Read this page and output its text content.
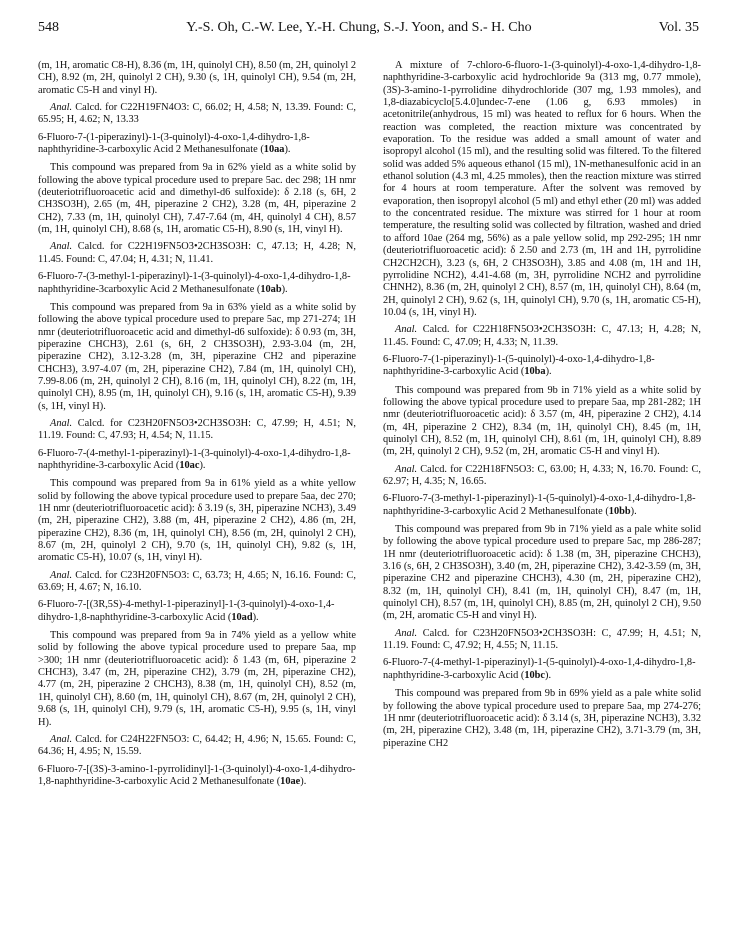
548	Y.-S. Oh, C.-W. Lee, Y.-H. Chung, S.-J. Yoon, and S.- H. Cho	Vol. 35

(m, 1H, aromatic C8-H), 8.36 (m, 1H, quinolyl CH), 8.50 (m, 2H, quinolyl 2 CH), 8.92 (m, 2H, quinolyl 2 CH), 9.30 (s, 1H, quinolyl CH), 9.54 (m, 2H, aromatic C5-H and vinyl H).

Anal. Calcd. for C22H19FN4O3: C, 66.02; H, 4.58; N, 13.39. Found: C, 65.95; H, 4.62; N, 13.33

6-Fluoro-7-(1-piperazinyl)-1-(3-quinolyl)-4-oxo-1,4-dihydro-1,8-naphthyridine-3-carboxylic Acid 2 Methanesulfonate (10aa).

This compound was prepared from 9a in 62% yield as a white solid by following the above typical procedure used to prepare 5ac. dec 298; 1H nmr (deuteriotrifluoroacetic acid and dimethyl-d6 sulfoxide): δ 2.18 (s, 6H, 2 CH3SO3H), 2.65 (m, 4H, piperazine 2 CH2), 3.28 (m, 4H, piperazine 2 CH2), 7.33 (m, 1H, quinolyl CH), 7.47-7.64 (m, 4H, quinolyl 4 CH), 8.57 (m, 1H, quinolyl CH), 8.68 (s, 1H, aromatic C5-H), 8.90 (s, 1H, vinyl H).

Anal. Calcd. for C22H19FN5O3•2CH3SO3H: C, 47.13; H, 4.28; N, 11.45. Found: C, 47.04; H, 4.31; N, 11.41.

6-Fluoro-7-(3-methyl-1-piperazinyl)-1-(3-quinolyl)-4-oxo-1,4-dihydro-1,8-naphthyridine-3carboxylic Acid 2 Methanesulfonate (10ab).

This compound was prepared from 9a in 63% yield as a white solid by following the above typical procedure used to prepare 5ac, mp 271-274; 1H nmr (deuteriotrifluoroacetic acid and dimethyl-d6 sulfoxide): δ 0.93 (m, 3H, piperazine CHCH3), 2.61 (s, 6H, 2 CH3SO3H), 2.93-3.04 (m, 2H, piperazine CH2), 3.12-3.28 (m, 3H, piperazine CH2 and piperazine CHCH3), 3.97-4.07 (m, 2H, piperazine CH2), 7.84 (m, 1H, quinolyl CH), 7.99-8.06 (m, 2H, quinolyl 2 CH), 8.16 (m, 1H, quinolyl CH), 8.22 (m, 1H, quinolyl CH), 8.95 (m, 1H, quinolyl CH), 9.16 (s, 1H, aromatic C5-H), 9.39 (s, 1H, vinyl H).

Anal. Calcd. for C23H20FN5O3•2CH3SO3H: C, 47.99; H, 4.51; N, 11.19. Found: C, 47.93; H, 4.54; N, 11.15.

6-Fluoro-7-(4-methyl-1-piperazinyl)-1-(3-quinolyl)-4-oxo-1,4-dihydro-1,8-naphthyridine-3-carboxylic Acid (10ac).

This compound was prepared from 9a in 61% yield as a white yellow solid by following the above typical procedure used to prepare 5aa, dec 270; 1H nmr (deuteriotrifluoroacetic acid): δ 3.19 (s, 3H, piperazine NCH3), 3.49 (m, 2H, piperazine CH2), 3.88 (m, 4H, piperazine 2 CH2), 4.86 (m, 2H, piperazine CH2), 8.36 (m, 1H, quinolyl CH), 8.56 (m, 2H, quinolyl 2 CH), 8.67 (m, 2H, quinolyl 2 CH), 9.70 (s, 1H, quinolyl CH), 9.82 (s, 1H, aromatic C5-H), 10.07 (s, 1H, vinyl H).

Anal. Calcd. for C23H20FN5O3: C, 63.73; H, 4.65; N, 16.16. Found: C, 63.69; H, 4.67; N, 16.10.

6-Fluoro-7-[(3R,5S)-4-methyl-1-piperazinyl]-1-(3-quinolyl)-4-oxo-1,4-dihydro-1,8-naphthyridine-3-carboxylic Acid (10ad).

This compound was prepared from 9a in 74% yield as a yellow white solid by following the above typical procedure used to prepare 5aa, mp >300; 1H nmr (deuteriotrifluoroacetic acid): δ 1.43 (m, 6H, piperazine 2 CHCH3), 3.47 (m, 2H, piperazine CH2), 3.79 (m, 2H, piperazine CH2), 4.77 (m, 2H, piperazine 2 CHCH3), 8.38 (m, 1H, quinolyl CH), 8.52 (m, 1H, quinolyl CH), 8.60 (m, 1H, quinolyl CH), 8.67 (m, 2H, quinolyl 2 CH), 9.68 (s, 1H, quinolyl CH), 9.79 (s, 1H, aromatic C5-H), 9.95 (s, 1H, vinyl H).

Anal. Calcd. for C24H22FN5O3: C, 64.42; H, 4.96; N, 15.65. Found: C, 64.36; H, 4.95; N, 15.59.

6-Fluoro-7-[(3S)-3-amino-1-pyrrolidinyl]-1-(3-quinolyl)-4-oxo-1,4-dihydro-1,8-naphthyridine-3-carboxylic Acid 2 Methanesulfonate (10ae).

A mixture of 7-chloro-6-fluoro-1-(3-quinolyl)-4-oxo-1,4-dihydro-1,8-naphthyridine-3-carboxylic acid hydrochloride 9a (313 mg, 0.77 mmole), (3S)-3-amino-1-pyrrolidine dihydrochloride (307 mg, 1.93 mmoles), and 1,8-diazabicyclo[5.4.0]undec-7-ene (1.06 g, 6.93 mmoles) in acetonitrile(anhydrous, 15 ml) was heated to reflux for 6 hours. When the reaction was completed, the reaction mixture was concentrated by evaporation. To the residue was added a small amount of water and isopropyl alcohol (15 ml), and the resulting solid was filtered. To the filtered solid was added 5% aqueous ethanol (15 ml), 1N-methanesulfonic acid in an ethanol solution (4.3 ml, 4.25 mmoles), then the reaction mixture was stirred for 4 hours at room temperature. After the solvent was removed by evaporation, then isopropyl alcohol (5 ml) and ethyl ether (20 ml) was added to the concentrated residue. The mixture was stirred for 1 hour at room temperature, the resulting solid was collected by filtration, washed and dried to afford 10ae (264 mg, 56%) as a pale yellow solid, mp 292-295; 1H nmr (deuteriotrifluoroacetic acid): δ 2.50 and 2.73 (m, 1H and 1H, pyrrolidine CH2CH2CH), 3.23 (s, 6H, 2 CH3SO3H), 3.85 and 4.08 (m, 1H and 1H, pyrrolidine NCH2), 4.41-4.68 (m, 3H, pyrrolidine NCH2 and pyrrolidine CHNH2), 8.36 (m, 2H, quinolyl 2 CH), 8.57 (m, 1H, quinolyl CH), 8.64 (m, 2H, quinolyl 2 CH), 9.62 (s, 1H, quinolyl CH), 9.70 (s, 1H, aromatic C5-H), 10.04 (s, 1H, vinyl H).

Anal. Calcd. for C22H18FN5O3•2CH3SO3H: C, 47.13; H, 4.28; N, 11.45. Found: C, 47.09; H, 4.33; N, 11.39.

6-Fluoro-7-(1-piperazinyl)-1-(5-quinolyl)-4-oxo-1,4-dihydro-1,8-naphthyridine-3-carboxylic Acid (10ba).

This compound was prepared from 9b in 71% yield as a white solid by following the above typical procedure used to prepare 5aa, mp 281-282; 1H nmr (deuteriotrifluoroacetic acid): δ 3.57 (m, 4H, piperazine 2 CH2), 4.14 (m, 4H, piperazine 2 CH2), 8.34 (m, 1H, quinolyl CH), 8.45 (m, 1H, quinolyl CH), 8.52 (m, 1H, quinolyl CH), 8.61 (m, 1H, quinolyl CH), 8.89 (m, 2H, quinolyl 2 CH), 9.52 (m, 2H, aromatic C5-H and vinyl H).

Anal. Calcd. for C22H18FN5O3: C, 63.00; H, 4.33; N, 16.70. Found: C, 62.97; H, 4.35; N, 16.65.

6-Fluoro-7-(3-methyl-1-piperazinyl)-1-(5-quinolyl)-4-oxo-1,4-dihydro-1,8-naphthyridine-3-carboxylic Acid 2 Methanesulfonate (10bb).

This compound was prepared from 9b in 71% yield as a pale white solid by following the above typical procedure used to prepare 5ac, mp 286-287; 1H nmr (deuteriotrifluoroacetic acid): δ 1.38 (m, 3H, piperazine CHCH3), 3.16 (s, 6H, 2 CH3SO3H), 3.40 (m, 2H, piperazine CH2), 3.42-3.59 (m, 3H, piperazine CH2 and piperazine CHCH3), 4.30 (m, 2H, piperazine CH2), 8.32 (m, 1H, quinolyl CH), 8.41 (m, 1H, quinolyl CH), 8.47 (m, 1H, quinolyl CH), 8.57 (m, 1H, quinolyl CH), 8.85 (m, 2H, quinolyl 2 CH), 9.50 (m, 2H, aromatic C5-H and vinyl H).

Anal. Calcd. for C23H20FN5O3•2CH3SO3H: C, 47.99; H, 4.51; N, 11.19. Found: C, 47.92; H, 4.55; N, 11.15.

6-Fluoro-7-(4-methyl-1-piperazinyl)-1-(5-quinolyl)-4-oxo-1,4-dihydro-1,8-naphthyridine-3-carboxylic Acid (10bc).

This compound was prepared from 9b in 69% yield as a pale white solid by following the above typical procedure used to prepare 5aa, mp 274-276; 1H nmr (deuteriotrifluoroacetic acid): δ 3.14 (s, 3H, piperazine NCH3), 3.32 (m, 2H, piperazine CH2), 3.48 (m, 1H, piperazine CH2), 3.71-3.79 (m, 3H, piperazine CH2
